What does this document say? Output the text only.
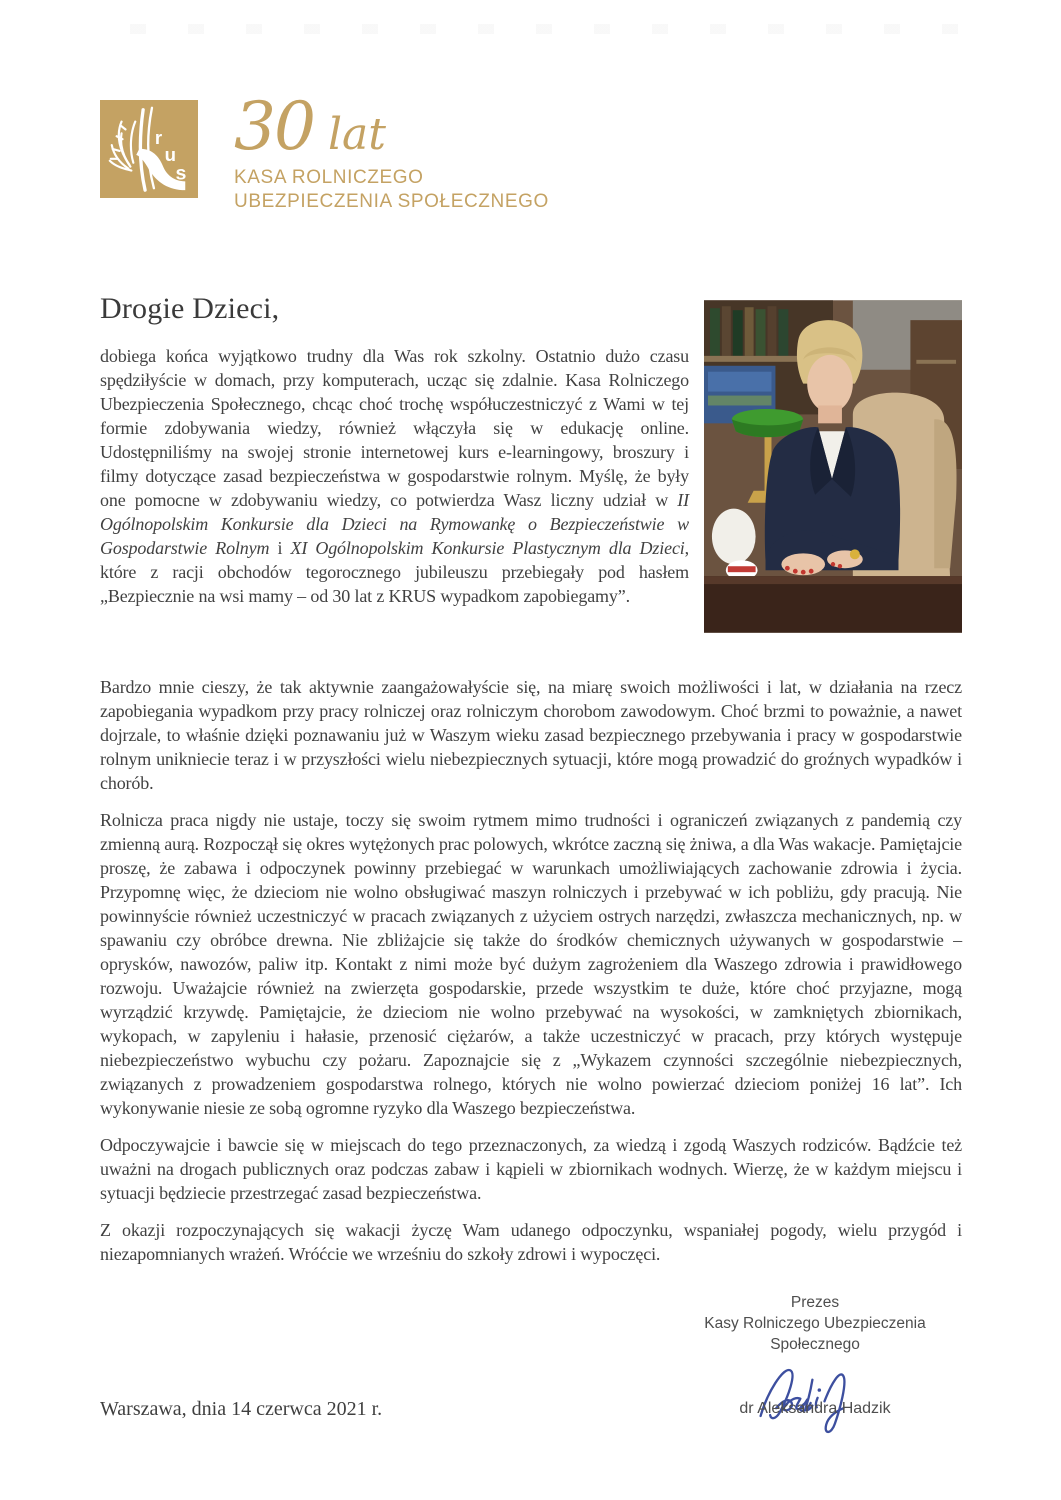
r
u
s
30 lat
KASA ROLNICZEGO
UBEZPIECZENIA SPOŁECZNEGO

Drogie Dzieci,

dobiega końca wyjątkowo trudny dla Was rok szkolny. Ostatnio dużo czasu spędziłyście w domach, przy komputerach, ucząc się zdalnie. Kasa Rolniczego Ubezpieczenia Społecznego, chcąc choć trochę współuczestniczyć z Wami w tej formie zdobywania wiedzy, również włączyła się w edukację online. Udostępniliśmy na swojej stronie internetowej kurs e-learningowy, broszury i filmy dotyczące zasad bezpieczeństwa w gospodarstwie rolnym. Myślę, że były one pomocne w zdobywaniu wiedzy, co potwierdza Wasz liczny udział w II Ogólnopolskim Konkursie dla Dzieci na Rymowankę o Bezpieczeństwie w Gospodarstwie Rolnym i XI Ogólnopolskim Konkursie Plastycznym dla Dzieci, które z racji obchodów tegorocznego jubileuszu przebiegały pod hasłem „Bezpiecznie na wsi mamy – od 30 lat z KRUS wypadkom zapobiegamy”.

Bardzo mnie cieszy, że tak aktywnie zaangażowałyście się, na miarę swoich możliwości i lat, w działania na rzecz zapobiegania wypadkom przy pracy rolniczej oraz rolniczym chorobom zawodowym. Choć brzmi to poważnie, a nawet dojrzale, to właśnie dzięki poznawaniu już w Waszym wieku zasad bezpiecznego przebywania i pracy w gospodarstwie rolnym unikniecie teraz i w przyszłości wielu niebezpiecznych sytuacji, które mogą prowadzić do groźnych wypadków i chorób.

Rolnicza praca nigdy nie ustaje, toczy się swoim rytmem mimo trudności i ograniczeń związanych z pandemią czy zmienną aurą. Rozpoczął się okres wytężonych prac polowych, wkrótce zaczną się żniwa, a dla Was wakacje. Pamiętajcie proszę, że zabawa i odpoczynek powinny przebiegać w warunkach umożliwiających zachowanie zdrowia i życia. Przypomnę więc, że dzieciom nie wolno obsługiwać maszyn rolniczych i przebywać w ich pobliżu, gdy pracują. Nie powinnyście również uczestniczyć w pracach związanych z użyciem ostrych narzędzi, zwłaszcza mechanicznych, np. w spawaniu czy obróbce drewna. Nie zbliżajcie się także do środków chemicznych używanych w gospodarstwie – oprysków, nawozów, paliw itp. Kontakt z nimi może być dużym zagrożeniem dla Waszego zdrowia i prawidłowego rozwoju. Uważajcie również na zwierzęta gospodarskie, przede wszystkim te duże, które choć przyjazne, mogą wyrządzić krzywdę. Pamiętajcie, że dzieciom nie wolno przebywać na wysokości, w zamkniętych zbiornikach, wykopach, w zapyleniu i hałasie, przenosić ciężarów, a także uczestniczyć w pracach, przy których występuje niebezpieczeństwo wybuchu czy pożaru. Zapoznajcie się z „Wykazem czynności szczególnie niebezpiecznych, związanych z prowadzeniem gospodarstwa rolnego, których nie wolno powierzać dzieciom poniżej 16 lat”. Ich wykonywanie niesie ze sobą ogromne ryzyko dla Waszego bezpieczeństwa.

Odpoczywajcie i bawcie się w miejscach do tego przeznaczonych, za wiedzą i zgodą Waszych rodziców. Bądźcie też uważni na drogach publicznych oraz podczas zabaw i kąpieli w zbiornikach wodnych. Wierzę, że w każdym miejscu i sytuacji będziecie przestrzegać zasad bezpieczeństwa.

Z okazji rozpoczynających się wakacji życzę Wam udanego odpoczynku, wspaniałej pogody, wielu przygód i niezapomnianych wrażeń. Wróćcie we wrześniu do szkoły zdrowi i wypoczęci.

Prezes
Kasy Rolniczego Ubezpieczenia Społecznego
Warszawa, dnia 14 czerwca 2021 r.	dr Aleksandra Hadzik
